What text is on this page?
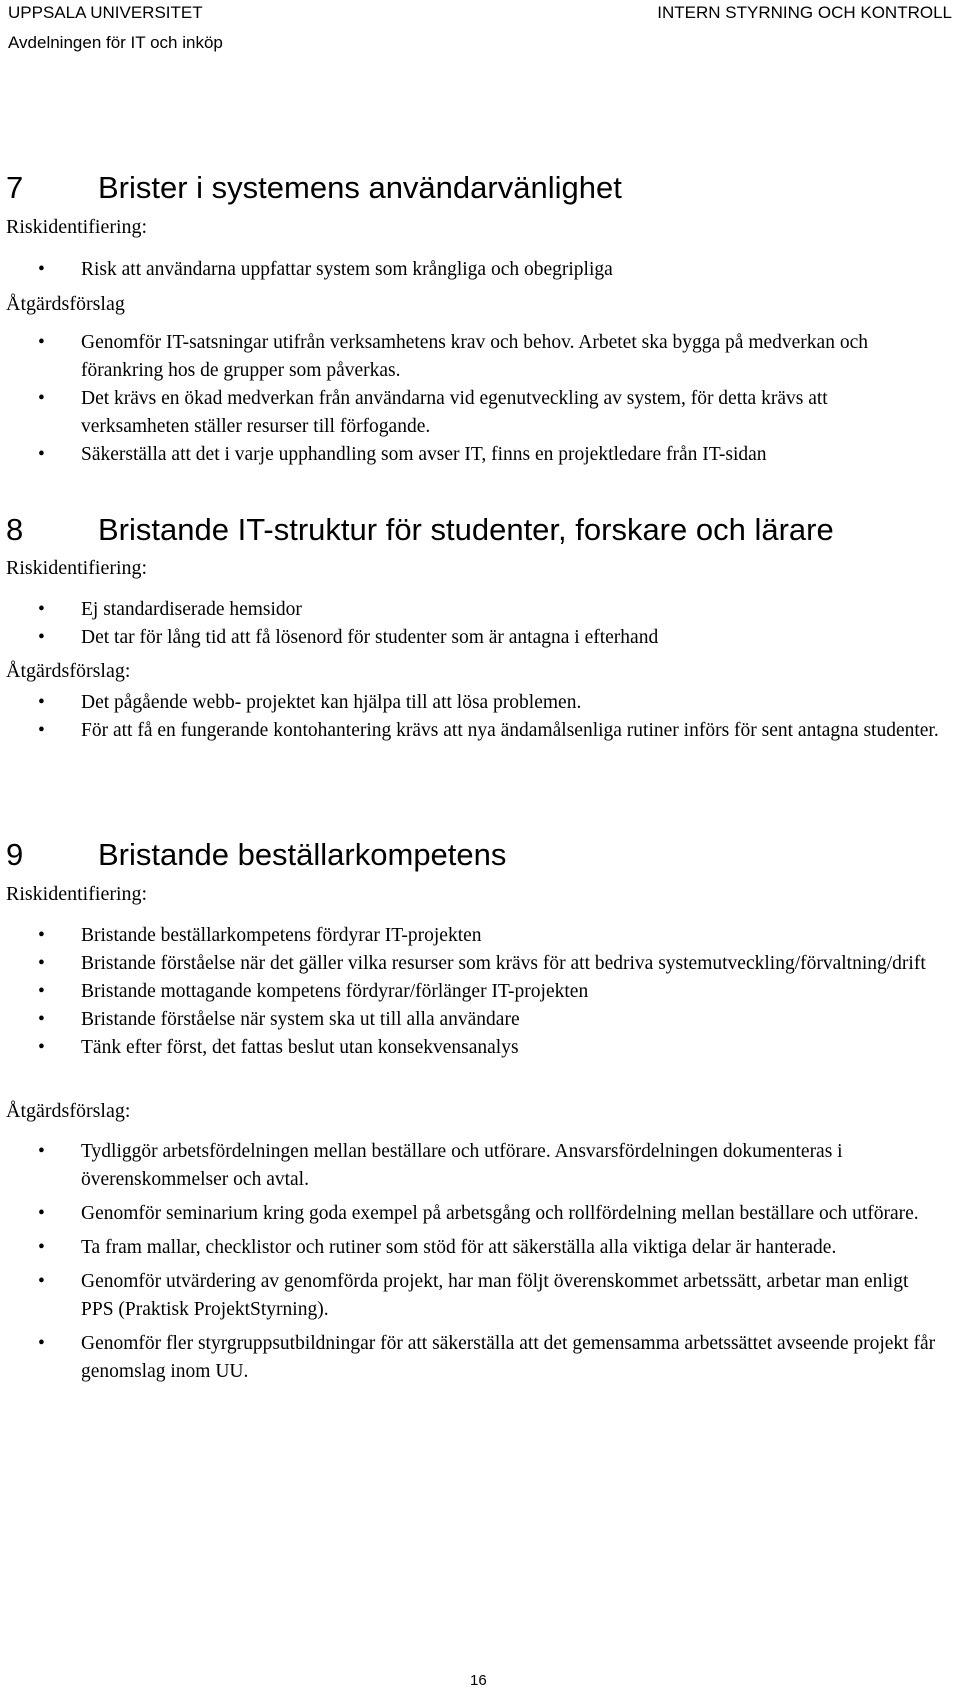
UPPSALA UNIVERSITET
Avdelningen för IT och inköp
INTERN STYRNING OCH KONTROLL
7 Brister i systemens användarvänlighet
Riskidentifiering:
• Risk att användarna uppfattar system som krångliga och obegripliga
Åtgärdsförslag
• Genomför IT-satsningar utifrån verksamhetens krav och behov. Arbetet ska bygga på medverkan och förankring hos de grupper som påverkas.
• Det krävs en ökad medverkan från användarna vid egenutveckling av system, för detta krävs att verksamheten ställer resurser till förfogande.
• Säkerställa att det i varje upphandling som avser IT, finns en projektledare från IT-sidan
8 Bristande IT-struktur för studenter, forskare och lärare
Riskidentifiering:
• Ej standardiserade hemsidor
• Det tar för lång tid att få lösenord för studenter som är antagna i efterhand
Åtgärdsförslag:
• Det pågående webb- projektet kan hjälpa till att lösa problemen.
• För att få en fungerande kontohantering krävs att nya ändamålsenliga rutiner införs för sent antagna studenter.
9 Bristande beställarkompetens
Riskidentifiering:
• Bristande beställarkompetens fördyrar IT-projekten
• Bristande förståelse när det gäller vilka resurser som krävs för att bedriva systemutveckling/förvaltning/drift
• Bristande mottagande kompetens fördyrar/förlänger IT-projekten
• Bristande förståelse när system ska ut till alla användare
• Tänk efter först, det fattas beslut utan konsekvensanalys
Åtgärdsförslag:
• Tydliggör arbetsfördelningen mellan beställare och utförare. Ansvarsfördelningen dokumenteras i överenskommelser och avtal.
• Genomför seminarium kring goda exempel på arbetsgång och rollfördelning mellan beställare och utförare.
• Ta fram mallar, checklistor och rutiner som stöd för att säkerställa alla viktiga delar är hanterade.
• Genomför utvärdering av genomförda projekt, har man följt överenskommet arbetssätt, arbetar man enligt PPS (Praktisk ProjektStyrning).
• Genomför fler styrgruppsutbildningar för att säkerställa att det gemensamma arbetssättet avseende projekt får genomslag inom UU.
16
